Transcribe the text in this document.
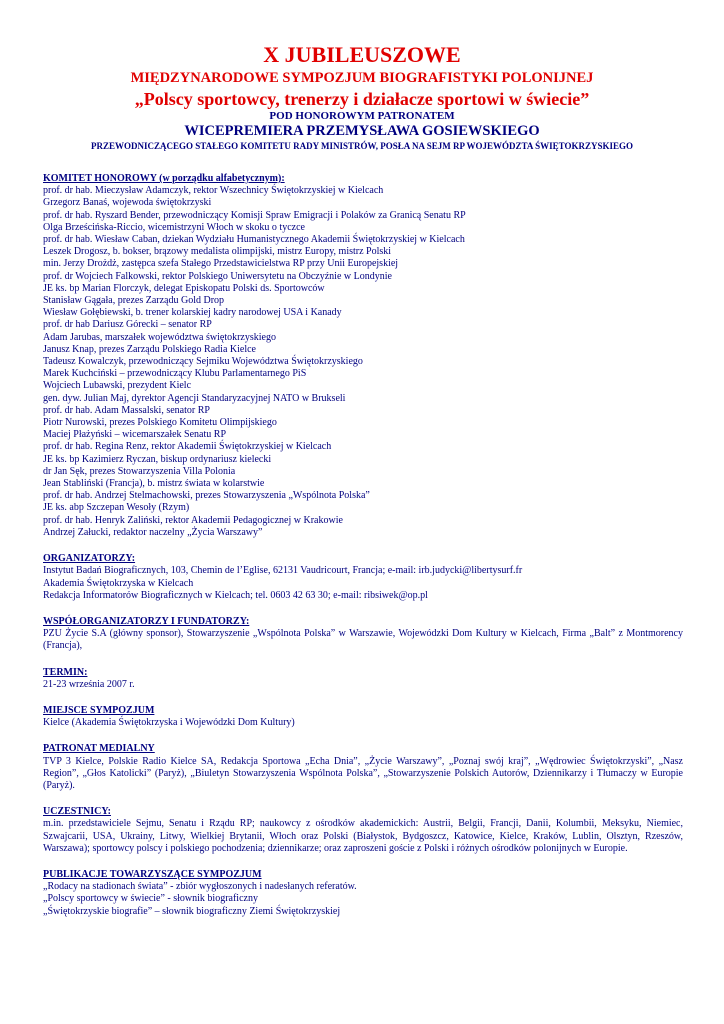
X JUBILEUSZOWE

MIĘDZYNARODOWE SYMPOZJUM BIOGRAFISTYKI POLONIJNEJ

„Polscy sportowcy, trenerzy i działacze sportowi w świecie”

POD HONOROWYM PATRONATEM

WICEPREMIERA PRZEMYSŁAWA GOSIEWSKIEGO

PRZEWODNICZĄCEGO STAŁEGO KOMITETU RADY MINISTRÓW, POSŁA NA SEJM RP WOJEWÓDZTA ŚWIĘTOKRZYSKIEGO

KOMITET HONOROWY (w porządku alfabetycznym):

prof. dr hab. Mieczysław Adamczyk, rektor Wszechnicy Świętokrzyskiej w Kielcach

Grzegorz Banaś, wojewoda świętokrzyski

prof. dr hab. Ryszard Bender, przewodniczący Komisji Spraw Emigracji i Polaków za Granicą Senatu RP

Olga Brześcińska-Riccio, wicemistrzyni Włoch w skoku o tyczce

prof. dr hab. Wiesław Caban, dziekan Wydziału Humanistycznego Akademii Świętokrzyskiej w Kielcach

Leszek Drogosz, b. bokser, brązowy medalista olimpijski, mistrz Europy, mistrz Polski

min. Jerzy Drożdż, zastępca szefa Stałego Przedstawicielstwa RP przy Unii Europejskiej

prof. dr Wojciech Falkowski, rektor Polskiego Uniwersytetu na Obczyźnie w Londynie

JE ks. bp Marian Florczyk, delegat Episkopatu Polski ds. Sportowców

Stanisław Gągała, prezes Zarządu Gold Drop

Wiesław Gołębiewski, b. trener kolarskiej kadry narodowej USA i Kanady

prof. dr hab Dariusz Górecki – senator RP

Adam Jarubas, marszałek województwa świętokrzyskiego

Janusz Knap, prezes Zarządu Polskiego Radia Kielce

Tadeusz Kowalczyk, przewodniczący Sejmiku Województwa Świętokrzyskiego

Marek Kuchciński – przewodniczący Klubu Parlamentarnego PiS

Wojciech Lubawski, prezydent Kielc

gen. dyw. Julian Maj, dyrektor Agencji Standaryzacyjnej NATO w Brukseli

prof. dr hab. Adam Massalski, senator RP

Piotr Nurowski, prezes Polskiego Komitetu Olimpijskiego

Maciej Płażyński – wicemarszałek Senatu RP

prof. dr hab. Regina Renz, rektor Akademii Świętokrzyskiej w Kielcach

JE ks. bp Kazimierz Ryczan, biskup ordynariusz kielecki

dr Jan Sęk, prezes Stowarzyszenia Villa Polonia

Jean Stabliński (Francja), b. mistrz świata w kolarstwie

prof. dr hab. Andrzej Stelmachowski, prezes Stowarzyszenia „Wspólnota Polska”

JE ks. abp Szczepan Wesoły (Rzym)

prof. dr hab. Henryk Zaliński, rektor Akademii Pedagogicznej w Krakowie

Andrzej Załucki, redaktor naczelny „Życia Warszawy”

ORGANIZATORZY:

Instytut Badań Biograficznych, 103, Chemin de l’Eglise, 62131 Vaudricourt, Francja; e-mail: irb.judycki@libertysurf.fr

Akademia Świętokrzyska w Kielcach

Redakcja Informatorów Biograficznych w Kielcach; tel. 0603 42 63 30; e-mail: ribsiwek@op.pl

WSPÓŁORGANIZATORZY I FUNDATORZY:

PZU Życie S.A (główny sponsor), Stowarzyszenie „Wspólnota Polska” w Warszawie, Wojewódzki Dom Kultury w Kielcach, Firma „Balt” z Montmorency (Francja),

TERMIN:

21-23 września 2007 r.

MIEJSCE SYMPOZJUM

Kielce (Akademia Świętokrzyska i Wojewódzki Dom Kultury)

PATRONAT MEDIALNY

TVP 3 Kielce, Polskie Radio Kielce SA, Redakcja Sportowa „Echa Dnia”, „Życie Warszawy”, „Poznaj swój kraj”, „Wędrowiec Świętokrzyski”, „Nasz Region”, „Głos Katolicki” (Paryż), „Biuletyn Stowarzyszenia Wspólnota Polska”, „Stowarzyszenie Polskich Autorów, Dziennikarzy i Tłumaczy w Europie (Paryż).

UCZESTNICY:

m.in. przedstawiciele Sejmu, Senatu i Rządu RP; naukowcy z ośrodków akademickich: Austrii, Belgii, Francji, Danii, Kolumbii, Meksyku, Niemiec, Szwajcarii, USA, Ukrainy, Litwy, Wielkiej Brytanii, Włoch oraz Polski (Białystok, Bydgoszcz, Katowice, Kielce, Kraków, Lublin, Olsztyn, Rzeszów, Warszawa); sportowcy polscy i polskiego pochodzenia; dziennikarze; oraz zaproszeni goście z Polski i różnych ośrodków polonijnych w Europie.

PUBLIKACJE TOWARZYSZĄCE SYMPOZJUM

„Rodacy na stadionach świata” - zbiór wygłoszonych i nadesłanych referatów.

„Polscy sportowcy w świecie” - słownik biograficzny

„Świętokrzyskie biografie” – słownik biograficzny Ziemi Świętokrzyskiej
